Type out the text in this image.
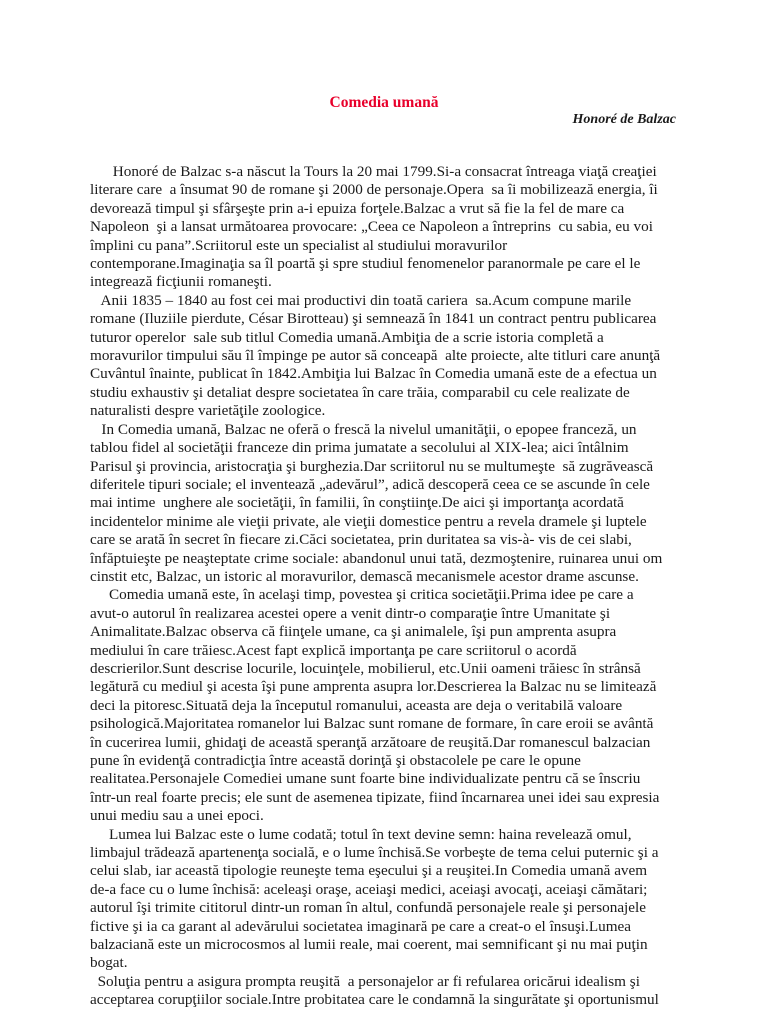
Comedia umană

Honoré de Balzac

Honoré de Balzac s-a născut la Tours la 20 mai 1799.Si-a consacrat întreaga viaţă creaţiei
literare care  a însumat 90 de romane şi 2000 de personaje.Opera  sa îi mobilizează energia, îi
devorează timpul şi sfârşeşte prin a-i epuiza forţele.Balzac a vrut să fie la fel de mare ca
Napoleon  şi a lansat următoarea provocare: „Ceea ce Napoleon a întreprins  cu sabia, eu voi
împlini cu pana”.Scriitorul este un specialist al studiului moravurilor
contemporane.Imaginaţia sa îl poartă şi spre studiul fenomenelor paranormale pe care el le
integrează ficţiunii romaneşti.
Anii 1835 – 1840 au fost cei mai productivi din toată cariera  sa.Acum compune marile
romane (Iluziile pierdute, César Birotteau) şi semnează în 1841 un contract pentru publicarea
tuturor operelor  sale sub titlul Comedia umană.Ambiţia de a scrie istoria completă a
moravurilor timpului său îl împinge pe autor să conceapă  alte proiecte, alte titluri care anunţă
Cuvântul înainte, publicat în 1842.Ambiţia lui Balzac în Comedia umană este de a efectua un
studiu exhaustiv şi detaliat despre societatea în care trăia, comparabil cu cele realizate de
naturalisti despre varietăţile zoologice.
In Comedia umană, Balzac ne oferă o frescă la nivelul umanităţii, o epopee franceză, un
tablou fidel al societăţii franceze din prima jumatate a secolului al XIX-lea; aici întâlnim
Parisul şi provincia, aristocraţia şi burghezia.Dar scriitorul nu se multumeşte  să zugrăvească
diferitele tipuri sociale; el inventează „adevărul”, adică descoperă ceea ce se ascunde în cele
mai intime  unghere ale societăţii, în familii, în conştiinţe.De aici şi importanţa acordată
incidentelor minime ale vieţii private, ale vieţii domestice pentru a revela dramele şi luptele
care se arată în secret în fiecare zi.Căci societatea, prin duritatea sa vis-à- vis de cei slabi,
înfăptuieşte pe neaşteptate crime sociale: abandonul unui tată, dezmoştenire, ruinarea unui om
cinstit etc, Balzac, un istoric al moravurilor, demască mecanismele acestor drame ascunse.
Comedia umană este, în acelaşi timp, povestea şi critica societăţii.Prima idee pe care a
avut-o autorul în realizarea acestei opere a venit dintr-o comparaţie între Umanitate şi
Animalitate.Balzac observa că fiinţele umane, ca şi animalele, îşi pun amprenta asupra
mediului în care trăiesc.Acest fapt explică importanţa pe care scriitorul o acordă
descrierilor.Sunt descrise locurile, locuinţele, mobilierul, etc.Unii oameni trăiesc în strânsă
legătură cu mediul şi acesta îşi pune amprenta asupra lor.Descrierea la Balzac nu se limitează
deci la pitoresc.Situată deja la începutul romanului, aceasta are deja o veritabilă valoare
psihologică.Majoritatea romanelor lui Balzac sunt romane de formare, în care eroii se avântă
în cucerirea lumii, ghidaţi de această speranţă arzătoare de reuşită.Dar romanescul balzacian
pune în evidenţă contradicţia între această dorinţă şi obstacolele pe care le opune
realitatea.Personajele Comediei umane sunt foarte bine individualizate pentru că se înscriu
într-un real foarte precis; ele sunt de asemenea tipizate, fiind încarnarea unei idei sau expresia
unui mediu sau a unei epoci.
Lumea lui Balzac este o lume codată; totul în text devine semn: haina revelează omul,
limbajul trădează apartenenţa socială, e o lume închisă.Se vorbeşte de tema celui puternic şi a
celui slab, iar această tipologie reuneşte tema eşecului şi a reuşitei.In Comedia umană avem
de-a face cu o lume închisă: aceleaşi oraşe, aceiaşi medici, aceiaşi avocaţi, aceiaşi cămătari;
autorul îşi trimite cititorul dintr-un roman în altul, confundă personajele reale şi personajele
fictive şi ia ca garant al adevărului societatea imaginară pe care a creat-o el însuşi.Lumea
balzaciană este un microcosmos al lumii reale, mai coerent, mai semnificant şi nu mai puţin
bogat.
Soluţia pentru a asigura prompta reuşită  a personajelor ar fi refularea oricărui idealism şi
acceptarea corupţiilor sociale.Intre probitatea care le condamnă la singurătate şi oportunismul
